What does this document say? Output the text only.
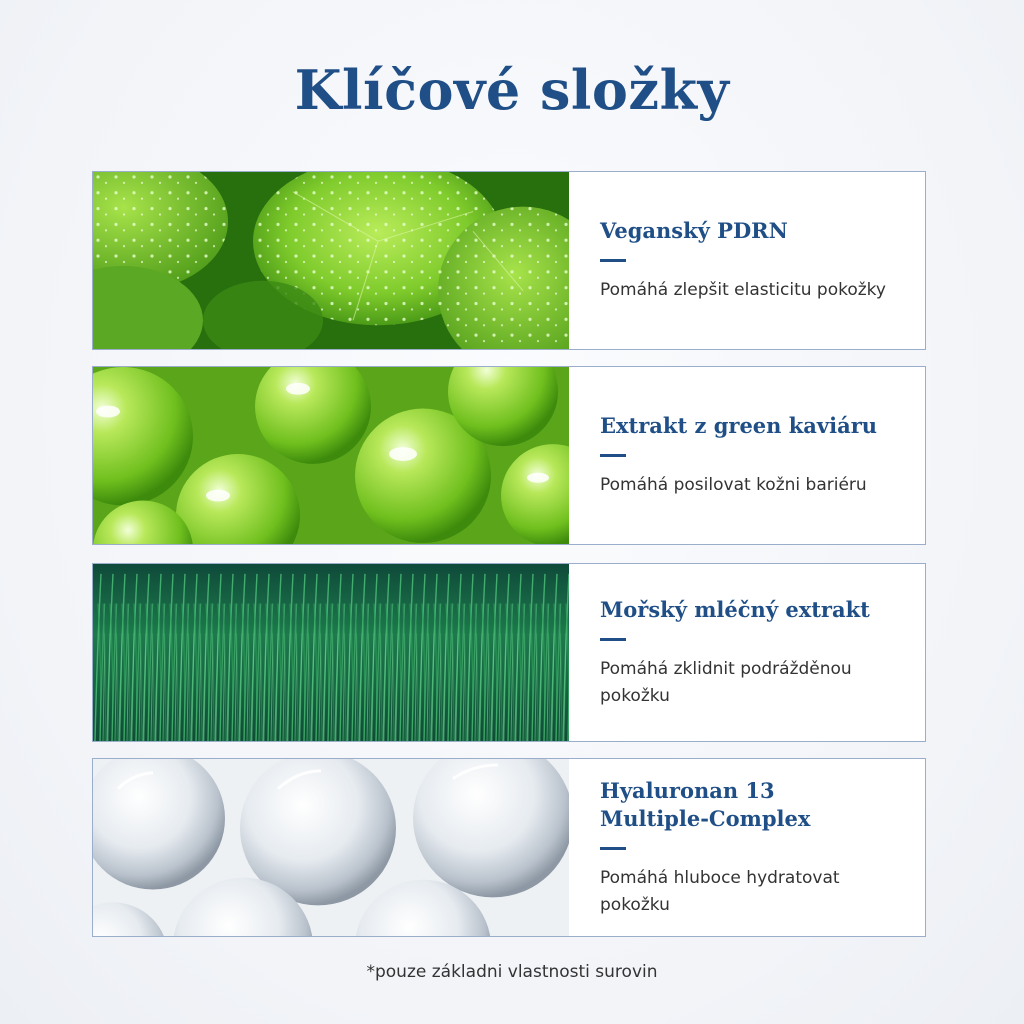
Klíčové složky

Veganský PDRN

Pomáhá zlepšit elasticitu pokožky

Extrakt z green kaviáru

Pomáhá posilovat kožni bariéru

Mořský mléčný extrakt

Pomáhá zklidnit podrážděnou pokožku

Hyaluronan 13 Multiple-Complex

Pomáhá hluboce hydratovat pokožku

*pouze základni vlastnosti surovin
